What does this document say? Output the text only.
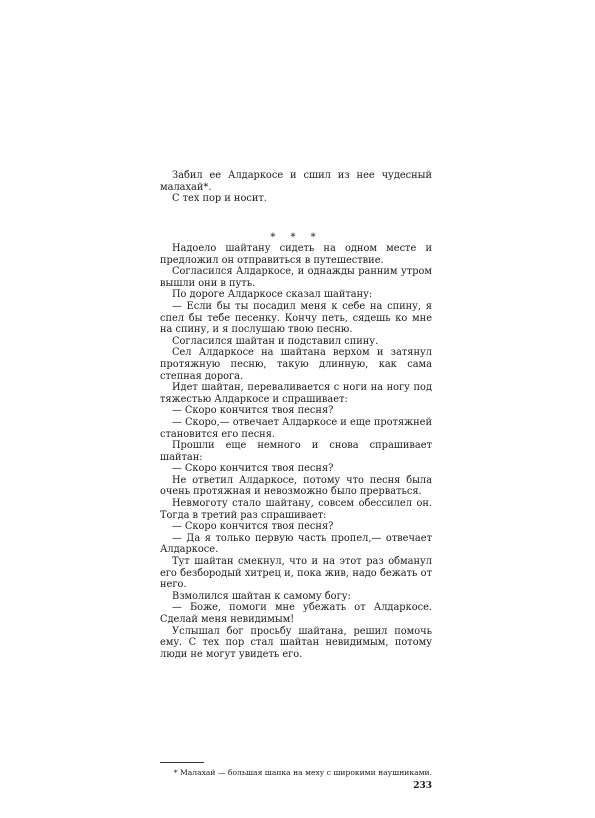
Забил ее Алдаркосе и сшил из нее чудесный малахай*.

С тех пор и носит.

* * *

Надоело шайтану сидеть на одном месте и предложил он отправиться в путешествие.

Согласился Алдаркосе, и однажды ранним утром вышли они в путь.

По дороге Алдаркосе сказал шайтану:

— Если бы ты посадил меня к себе на спину, я спел бы тебе песенку. Кончу петь, сядешь ко мне на спину, и я послушаю твою песню.

Согласился шайтан и подставил спину.

Сел Алдаркосе на шайтана верхом и затянул протяжную песню, такую длинную, как сама степная дорога.

Идет шайтан, переваливается с ноги на ногу под тяжестью Алдаркосе и спрашивает:

— Скоро кончится твоя песня?

— Скоро,— отвечает Алдаркосе и еще протяжней становится его песня.

Прошли еще немного и снова спрашивает шайтан:

— Скоро кончится твоя песня?

Не ответил Алдаркосе, потому что песня была очень протяжная и невозможно было прерваться.

Невмоготу стало шайтану, совсем обессилел он. Тогда в третий раз спрашивает:

— Скоро кончится твоя песня?

— Да я только первую часть пропел,— отвечает Алдаркосе.

Тут шайтан смекнул, что и на этот раз обманул его безбородый хитрец и, пока жив, надо бежать от него.

Взмолился шайтан к самому богу:

— Боже, помоги мне убежать от Алдаркосе. Сделай меня невидимым!

Услышал бог просьбу шайтана, решил помочь ему. С тех пор стал шайтан невидимым, потому люди не могут увидеть его.

* Малахай — большая шапка на меху с широкими наушниками.
233
